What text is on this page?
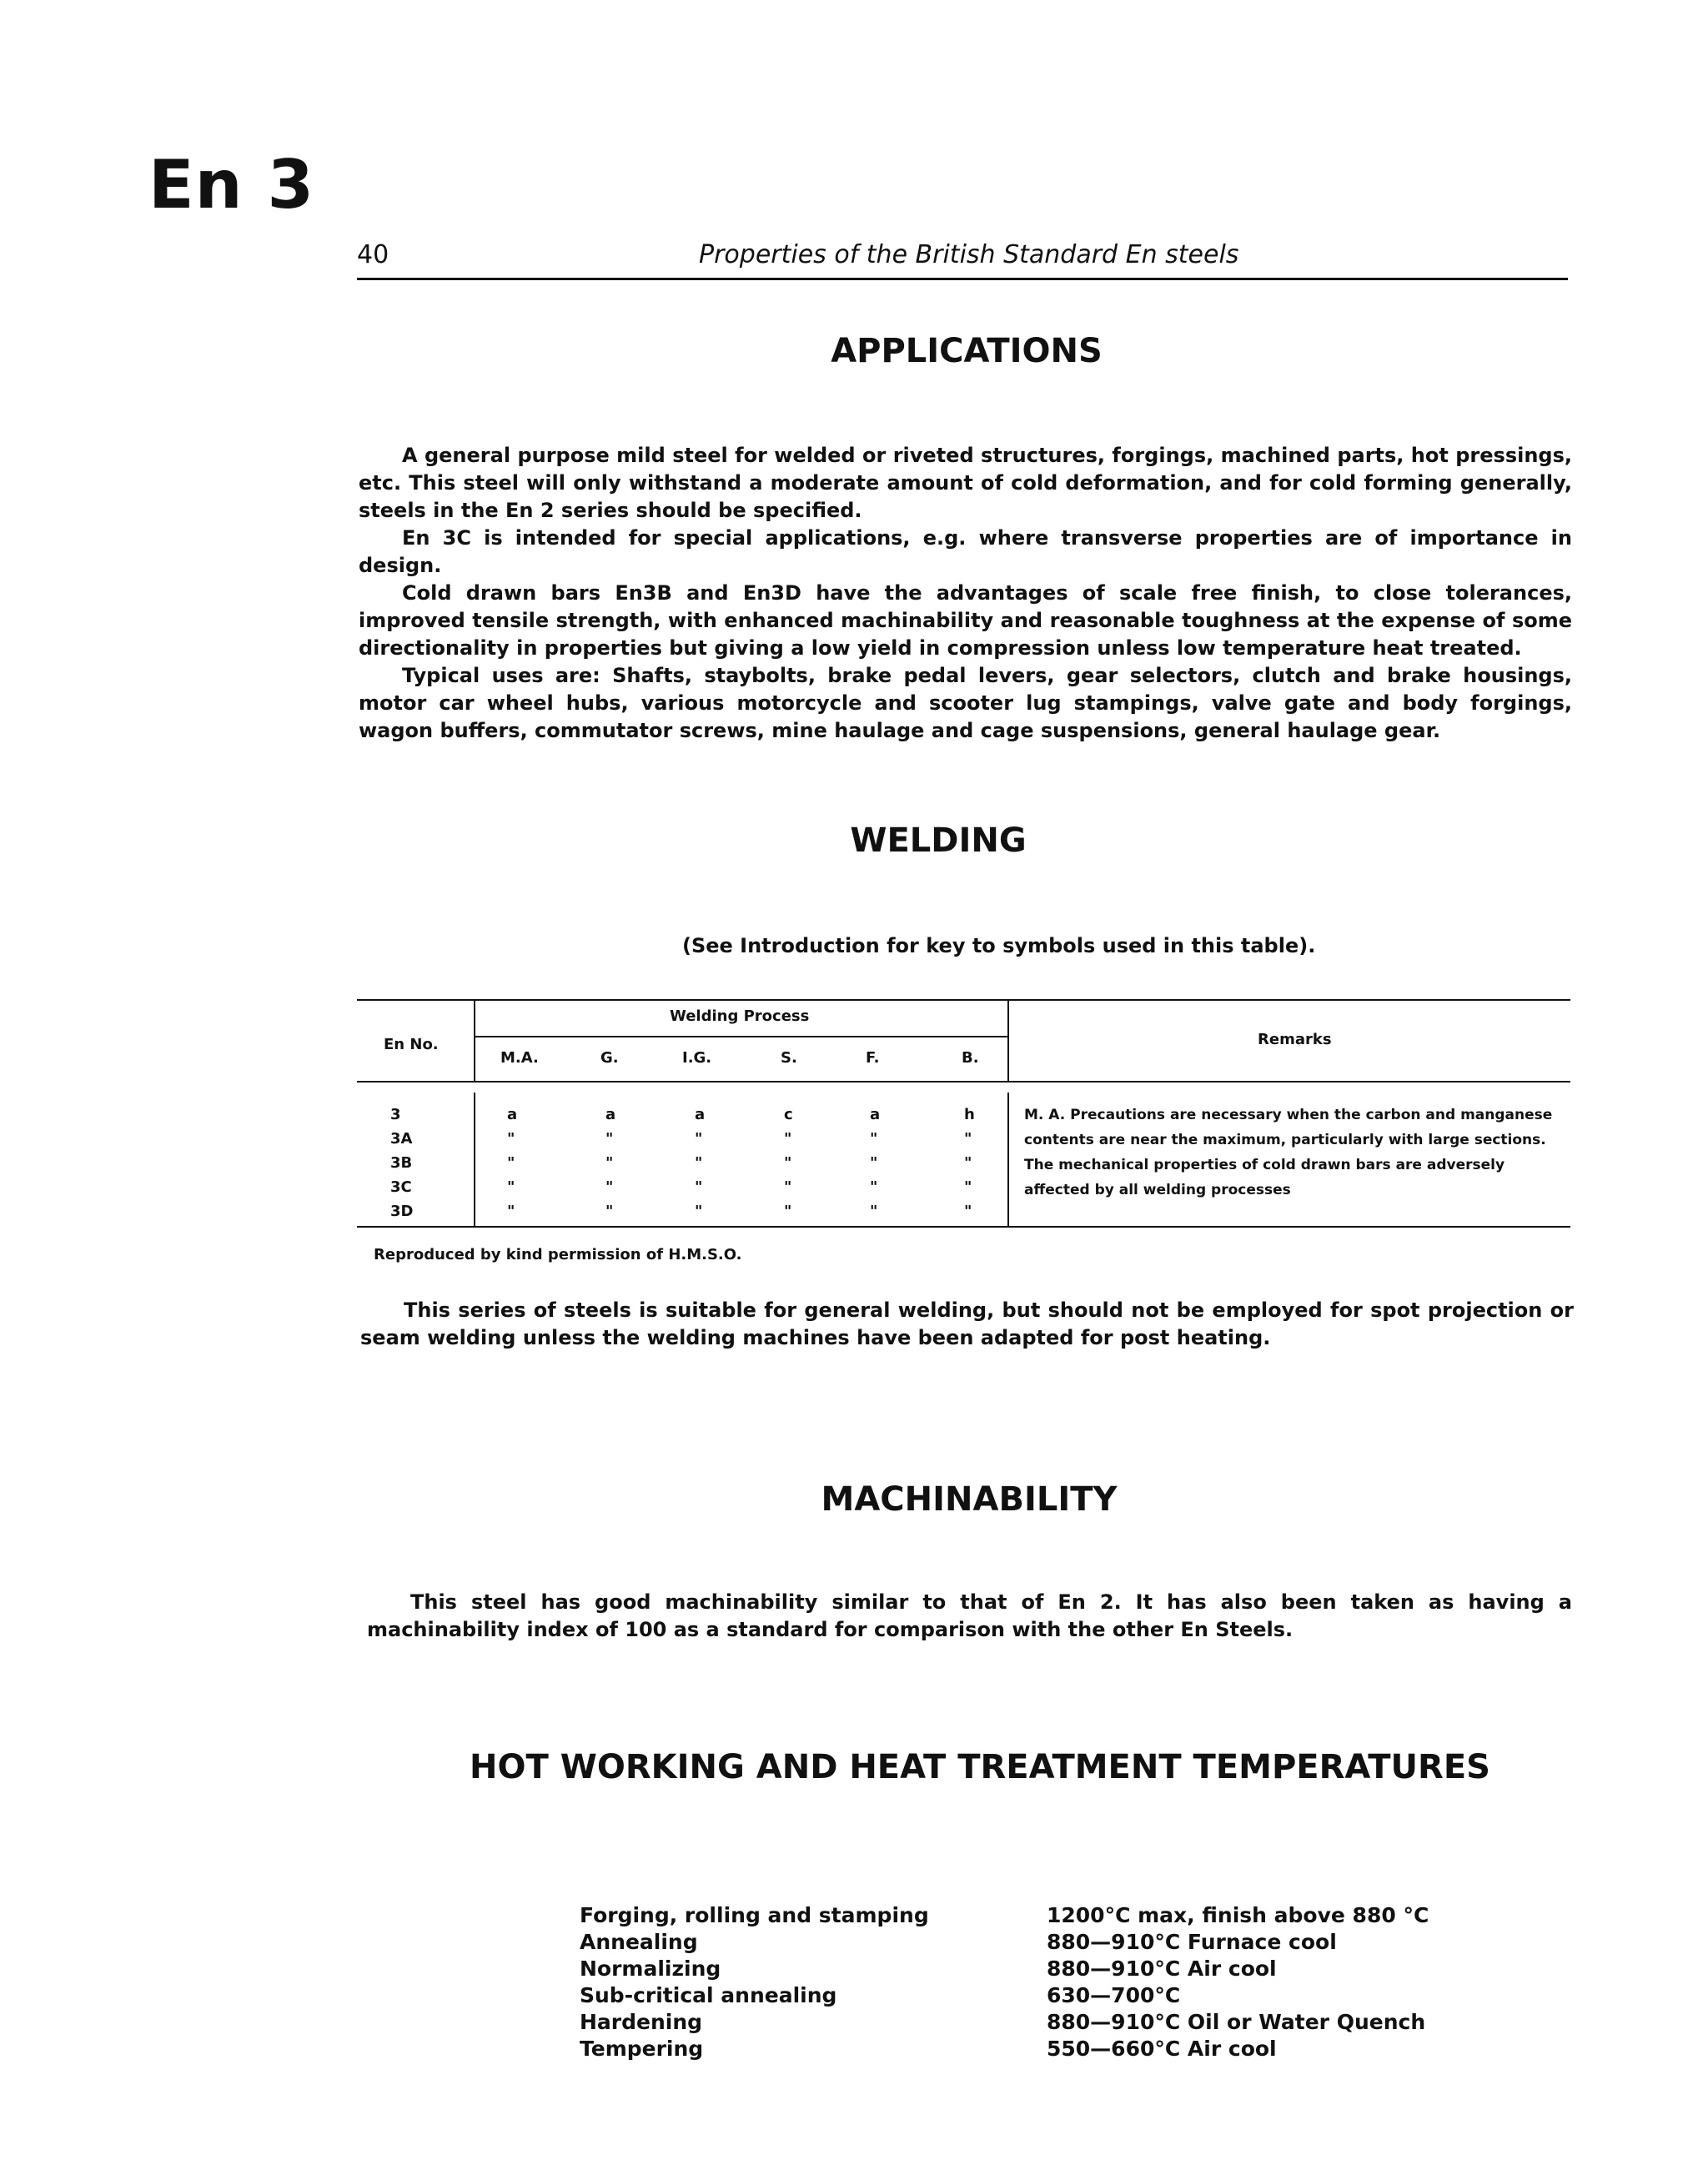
En 3
40	Properties of the British Standard En steels
APPLICATIONS

A general purpose mild steel for welded or riveted structures, forgings, machined parts, hot pressings, etc. This steel will only withstand a moderate amount of cold deformation, and for cold forming generally, steels in the En 2 series should be specified.

En 3C is intended for special applications, e.g. where transverse properties are of importance in design.

Cold drawn bars En3B and En3D have the advantages of scale free finish, to close tolerances, improved tensile strength, with enhanced machinability and reasonable toughness at the expense of some directionality in properties but giving a low yield in compression unless low temperature heat treated.

Typical uses are: Shafts, staybolts, brake pedal levers, gear selectors, clutch and brake housings, motor car wheel hubs, various motorcycle and scooter lug stampings, valve gate and body forgings, wagon buffers, commutator screws, mine haulage and cage suspensions, general haulage gear.

WELDING
(See Introduction for key to symbols used in this table).
En No.
Welding Process
Remarks
M.A.	G.	I.G.	S.	F.	B.
3	a	a	a	c	a	h
3A	"	"	"	"	"	"
3B	"	"	"	"	"	"
3C	"	"	"	"	"	"
3D	"	"	"	"	"	"
M. A. Precautions are necessary when the carbon and manganese contents are near the maximum, particularly with large sections. The mechanical properties of cold drawn bars are adversely affected by all welding processes
Reproduced by kind permission of H.M.S.O.

This series of steels is suitable for general welding, but should not be employed for spot projection or seam welding unless the welding machines have been adapted for post heating.

MACHINABILITY

This steel has good machinability similar to that of En 2. It has also been taken as having a machinability index of 100 as a standard for comparison with the other En Steels.

HOT WORKING AND HEAT TREATMENT TEMPERATURES
Forging, rolling and stamping	1200°C max, finish above 880 °C
Annealing	880—910°C Furnace cool
Normalizing	880—910°C Air cool
Sub-critical annealing	630—700°C
Hardening	880—910°C Oil or Water Quench
Tempering	550—660°C Air cool
